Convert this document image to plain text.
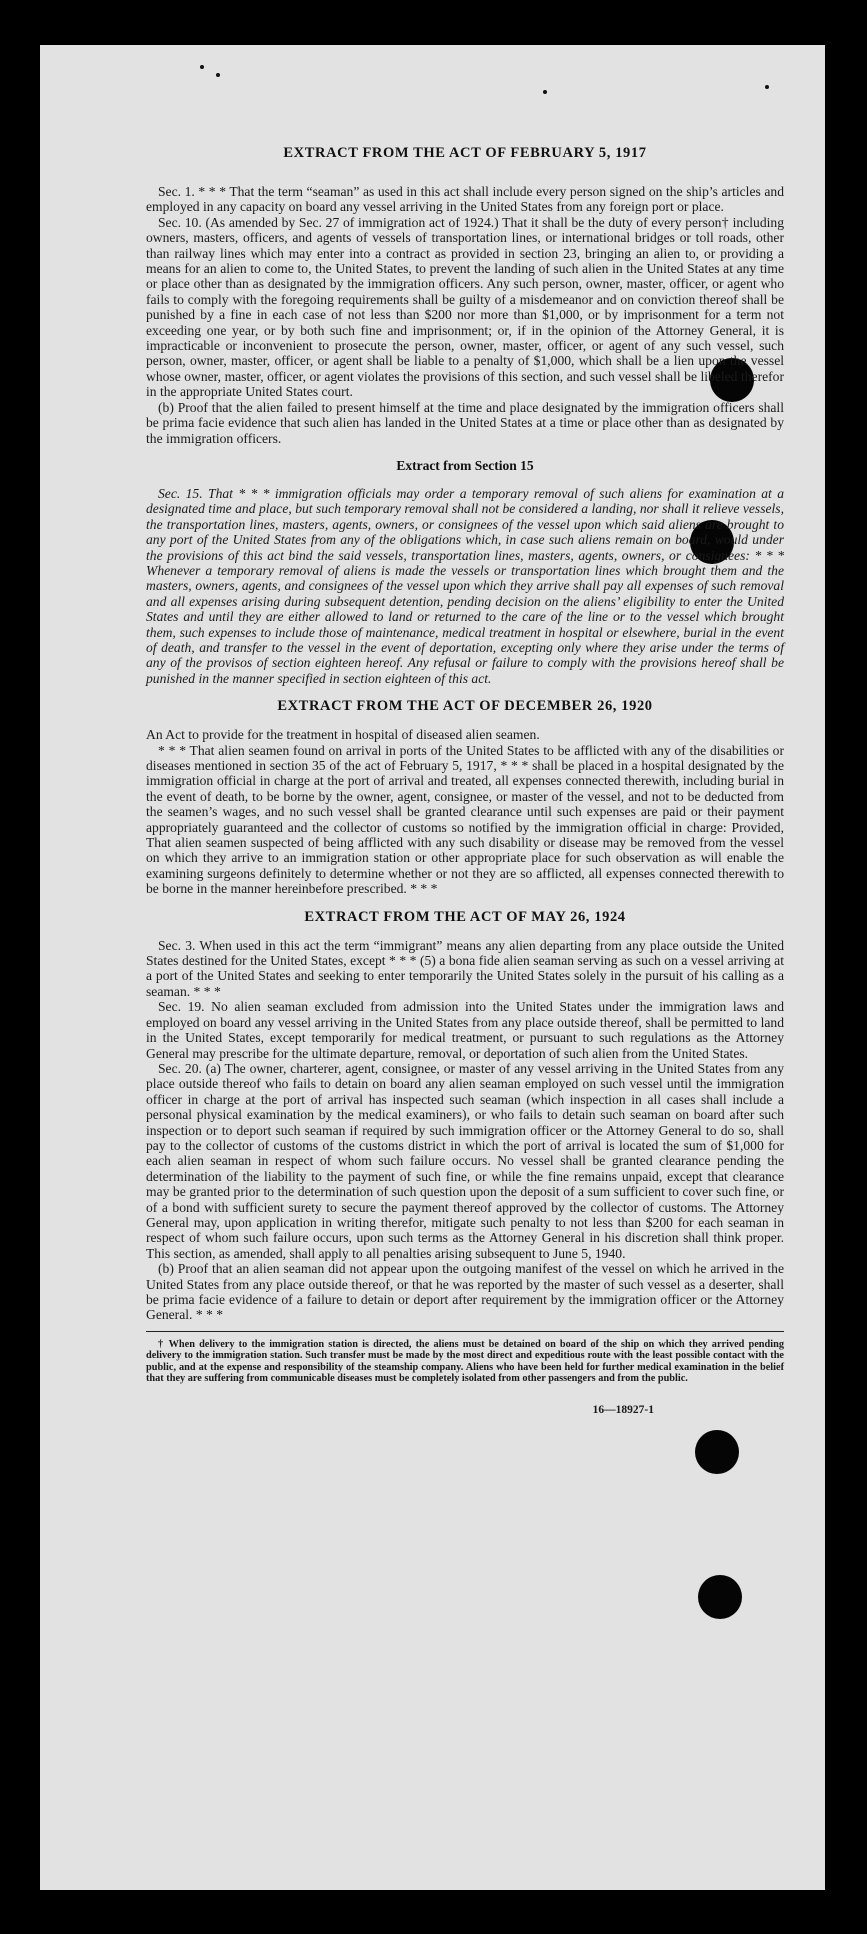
EXTRACT FROM THE ACT OF FEBRUARY 5, 1917

Sec. 1. * * * That the term “seaman” as used in this act shall include every person signed on the ship’s articles and employed in any capacity on board any vessel arriving in the United States from any foreign port or place.

Sec. 10. (As amended by Sec. 27 of immigration act of 1924.) That it shall be the duty of every person† including owners, masters, officers, and agents of vessels of transportation lines, or international bridges or toll roads, other than railway lines which may enter into a contract as provided in section 23, bringing an alien to, or providing a means for an alien to come to, the United States, to prevent the landing of such alien in the United States at any time or place other than as designated by the immigration officers. Any such person, owner, master, officer, or agent who fails to comply with the foregoing requirements shall be guilty of a misdemeanor and on conviction thereof shall be punished by a fine in each case of not less than $200 nor more than $1,000, or by imprisonment for a term not exceeding one year, or by both such fine and imprisonment; or, if in the opinion of the Attorney General, it is impracticable or inconvenient to prosecute the person, owner, master, officer, or agent of any such vessel, such person, owner, master, officer, or agent shall be liable to a penalty of $1,000, which shall be a lien upon the vessel whose owner, master, officer, or agent violates the provisions of this section, and such vessel shall be libeled therefor in the appropriate United States court.

(b) Proof that the alien failed to present himself at the time and place designated by the immigration officers shall be prima facie evidence that such alien has landed in the United States at a time or place other than as designated by the immigration officers.

Extract from Section 15

Sec. 15. That * * * immigration officials may order a temporary removal of such aliens for examination at a designated time and place, but such temporary removal shall not be considered a landing, nor shall it relieve vessels, the transportation lines, masters, agents, owners, or consignees of the vessel upon which said aliens are brought to any port of the United States from any of the obligations which, in case such aliens remain on board, would under the provisions of this act bind the said vessels, transportation lines, masters, agents, owners, or consignees: * * * Whenever a temporary removal of aliens is made the vessels or transportation lines which brought them and the masters, owners, agents, and consignees of the vessel upon which they arrive shall pay all expenses of such removal and all expenses arising during subsequent detention, pending decision on the aliens’ eligibility to enter the United States and until they are either allowed to land or returned to the care of the line or to the vessel which brought them, such expenses to include those of maintenance, medical treatment in hospital or elsewhere, burial in the event of death, and transfer to the vessel in the event of deportation, excepting only where they arise under the terms of any of the provisos of section eighteen hereof. Any refusal or failure to comply with the provisions hereof shall be punished in the manner specified in section eighteen of this act.

EXTRACT FROM THE ACT OF DECEMBER 26, 1920

An Act to provide for the treatment in hospital of diseased alien seamen.

* * * That alien seamen found on arrival in ports of the United States to be afflicted with any of the disabilities or diseases mentioned in section 35 of the act of February 5, 1917, * * * shall be placed in a hospital designated by the immigration official in charge at the port of arrival and treated, all expenses connected therewith, including burial in the event of death, to be borne by the owner, agent, consignee, or master of the vessel, and not to be deducted from the seamen’s wages, and no such vessel shall be granted clearance until such expenses are paid or their payment appropriately guaranteed and the collector of customs so notified by the immigration official in charge: Provided, That alien seamen suspected of being afflicted with any such disability or disease may be removed from the vessel on which they arrive to an immigration station or other appropriate place for such observation as will enable the examining surgeons definitely to determine whether or not they are so afflicted, all expenses connected therewith to be borne in the manner hereinbefore prescribed. * * *

EXTRACT FROM THE ACT OF MAY 26, 1924

Sec. 3. When used in this act the term “immigrant” means any alien departing from any place outside the United States destined for the United States, except * * * (5) a bona fide alien seaman serving as such on a vessel arriving at a port of the United States and seeking to enter temporarily the United States solely in the pursuit of his calling as a seaman. * * *

Sec. 19. No alien seaman excluded from admission into the United States under the immigration laws and employed on board any vessel arriving in the United States from any place outside thereof, shall be permitted to land in the United States, except temporarily for medical treatment, or pursuant to such regulations as the Attorney General may prescribe for the ultimate departure, removal, or deportation of such alien from the United States.

Sec. 20. (a) The owner, charterer, agent, consignee, or master of any vessel arriving in the United States from any place outside thereof who fails to detain on board any alien seaman employed on such vessel until the immigration officer in charge at the port of arrival has inspected such seaman (which inspection in all cases shall include a personal physical examination by the medical examiners), or who fails to detain such seaman on board after such inspection or to deport such seaman if required by such immigration officer or the Attorney General to do so, shall pay to the collector of customs of the customs district in which the port of arrival is located the sum of $1,000 for each alien seaman in respect of whom such failure occurs. No vessel shall be granted clearance pending the determination of the liability to the payment of such fine, or while the fine remains unpaid, except that clearance may be granted prior to the determination of such question upon the deposit of a sum sufficient to cover such fine, or of a bond with sufficient surety to secure the payment thereof approved by the collector of customs. The Attorney General may, upon application in writing therefor, mitigate such penalty to not less than $200 for each seaman in respect of whom such failure occurs, upon such terms as the Attorney General in his discretion shall think proper. This section, as amended, shall apply to all penalties arising subsequent to June 5, 1940.

(b) Proof that an alien seaman did not appear upon the outgoing manifest of the vessel on which he arrived in the United States from any place outside thereof, or that he was reported by the master of such vessel as a deserter, shall be prima facie evidence of a failure to detain or deport after requirement by the immigration officer or the Attorney General. * * *

† When delivery to the immigration station is directed, the aliens must be detained on board of the ship on which they arrived pending delivery to the immigration station. Such transfer must be made by the most direct and expeditious route with the least possible contact with the public, and at the expense and responsibility of the steamship company. Aliens who have been held for further medical examination in the belief that they are suffering from communicable diseases must be completely isolated from other passengers and from the public.

16—18927-1
